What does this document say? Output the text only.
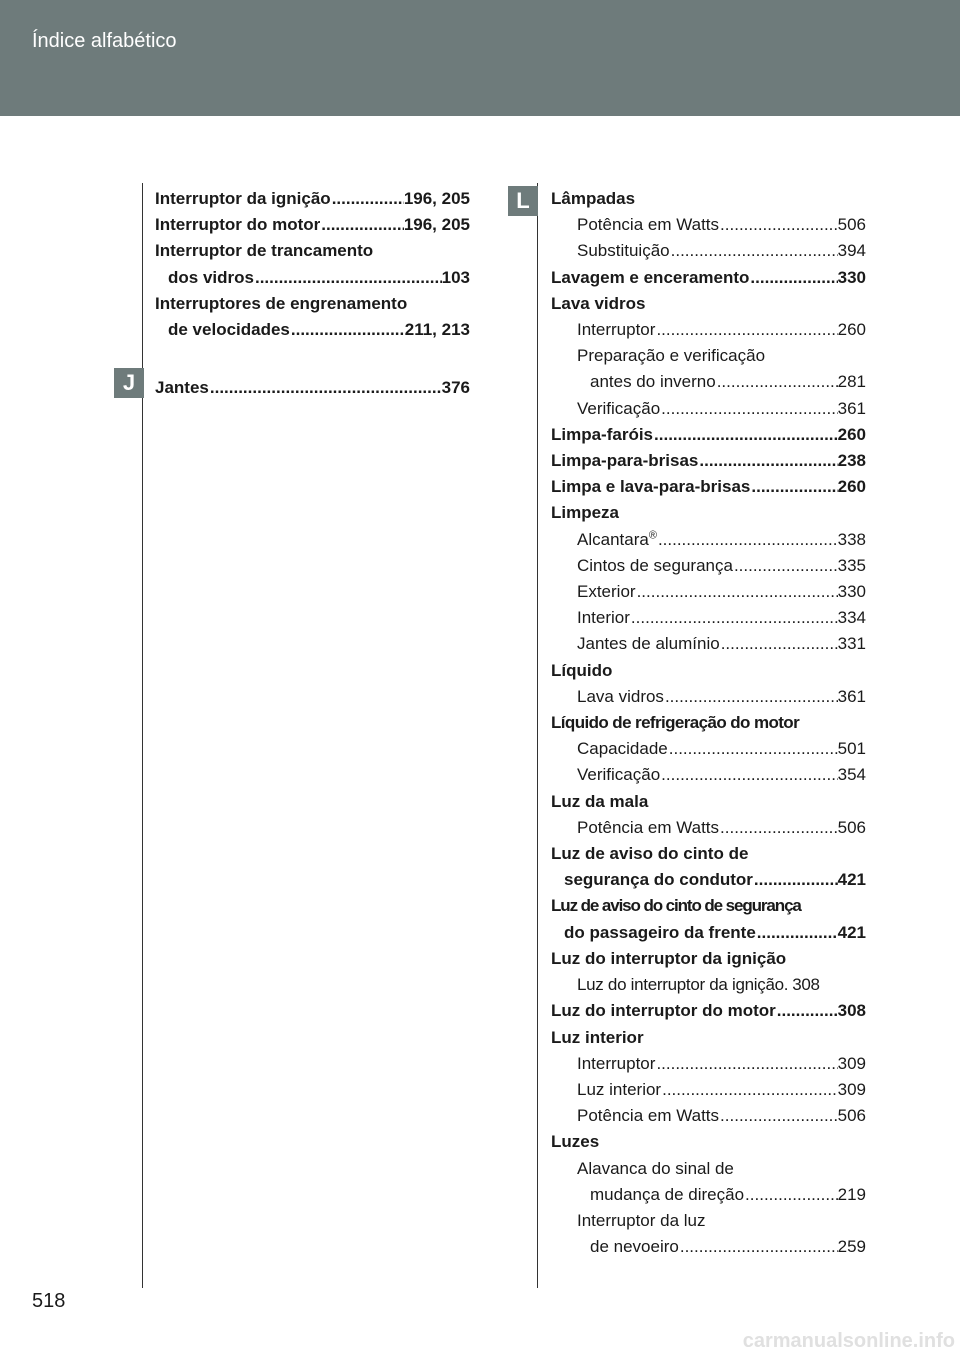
Índice alfabético
J
L
Interruptor da ignição .....	196, 205
Interruptor do motor .....	196, 205
Interruptor de trancamento
dos vidros .....	103
Interruptores de engrenamento
de velocidades .....	211, 213
Jantes .....	376
Lâmpadas
Potência em Watts .....	506
Substituição .....	394
Lavagem e enceramento .....	330
Lava vidros
Interruptor .....	260
Preparação e verificação
antes do inverno .....	281
Verificação .....	361
Limpa-faróis .....	260
Limpa-para-brisas .....	238
Limpa e lava-para-brisas .....	260
Limpeza
Alcantara® .....	338
Cintos de segurança .....	335
Exterior .....	330
Interior .....	334
Jantes de alumínio .....	331
Líquido
Lava vidros .....	361
Líquido de refrigeração do motor
Capacidade .....	501
Verificação .....	354
Luz da mala
Potência em Watts .....	506
Luz de aviso do cinto de
segurança do condutor .....	421
Luz de aviso do cinto de segurança
do passageiro da frente .....	421
Luz do interruptor da ignição
Luz do interruptor da ignição. 308
Luz do interruptor do motor .....	308
Luz interior
Interruptor .....	309
Luz interior .....	309
Potência em Watts .....	506
Luzes
Alavanca do sinal de
mudança de direção .....	219
Interruptor da luz
de nevoeiro .....	259
518
carmanualsonline.info
